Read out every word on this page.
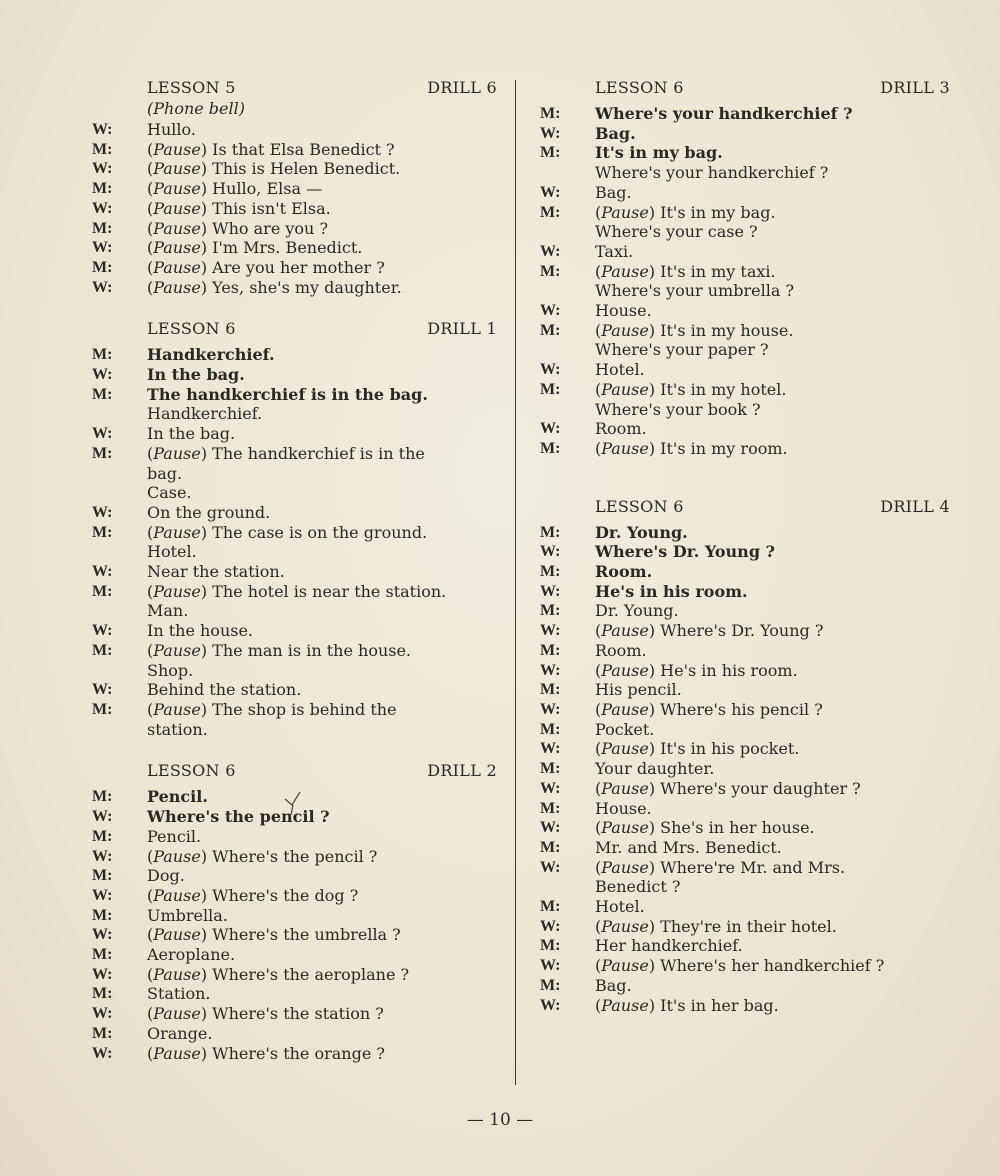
LESSON 5	DRILL 6
(Phone bell)
W:	Hullo.
M:	(Pause) Is that Elsa Benedict ?
W:	(Pause) This is Helen Benedict.
M:	(Pause) Hullo, Elsa —
W:	(Pause) This isn't Elsa.
M:	(Pause) Who are you ?
W:	(Pause) I'm Mrs. Benedict.
M:	(Pause) Are you her mother ?
W:	(Pause) Yes, she's my daughter.
LESSON 6	DRILL 1
M:	Handkerchief.
W:	In the bag.
M:	The handkerchief is in the bag.
Handkerchief.
W:	In the bag.
M:	(Pause) The handkerchief is in the
bag.
Case.
W:	On the ground.
M:	(Pause) The case is on the ground.
Hotel.
W:	Near the station.
M:	(Pause) The hotel is near the station.
Man.
W:	In the house.
M:	(Pause) The man is in the house.
Shop.
W:	Behind the station.
M:	(Pause) The shop is behind the
station.
LESSON 6	DRILL 2
M:	Pencil.
W:	Where's the pencil ?
M:	Pencil.
W:	(Pause) Where's the pencil ?
M:	Dog.
W:	(Pause) Where's the dog ?
M:	Umbrella.
W:	(Pause) Where's the umbrella ?
M:	Aeroplane.
W:	(Pause) Where's the aeroplane ?
M:	Station.
W:	(Pause) Where's the station ?
M:	Orange.
W:	(Pause) Where's the orange ?
LESSON 6	DRILL 3
M:	Where's your handkerchief ?
W:	Bag.
M:	It's in my bag.
Where's your handkerchief ?
W:	Bag.
M:	(Pause) It's in my bag.
Where's your case ?
W:	Taxi.
M:	(Pause) It's in my taxi.
Where's your umbrella ?
W:	House.
M:	(Pause) It's in my house.
Where's your paper ?
W:	Hotel.
M:	(Pause) It's in my hotel.
Where's your book ?
W:	Room.
M:	(Pause) It's in my room.
LESSON 6	DRILL 4
M:	Dr. Young.
W:	Where's Dr. Young ?
M:	Room.
W:	He's in his room.
M:	Dr. Young.
W:	(Pause) Where's Dr. Young ?
M:	Room.
W:	(Pause) He's in his room.
M:	His pencil.
W:	(Pause) Where's his pencil ?
M:	Pocket.
W:	(Pause) It's in his pocket.
M:	Your daughter.
W:	(Pause) Where's your daughter ?
M:	House.
W:	(Pause) She's in her house.
M:	Mr. and Mrs. Benedict.
W:	(Pause) Where're Mr. and Mrs.
Benedict ?
M:	Hotel.
W:	(Pause) They're in their hotel.
M:	Her handkerchief.
W:	(Pause) Where's her handkerchief ?
M:	Bag.
W:	(Pause) It's in her bag.
— 10 —
